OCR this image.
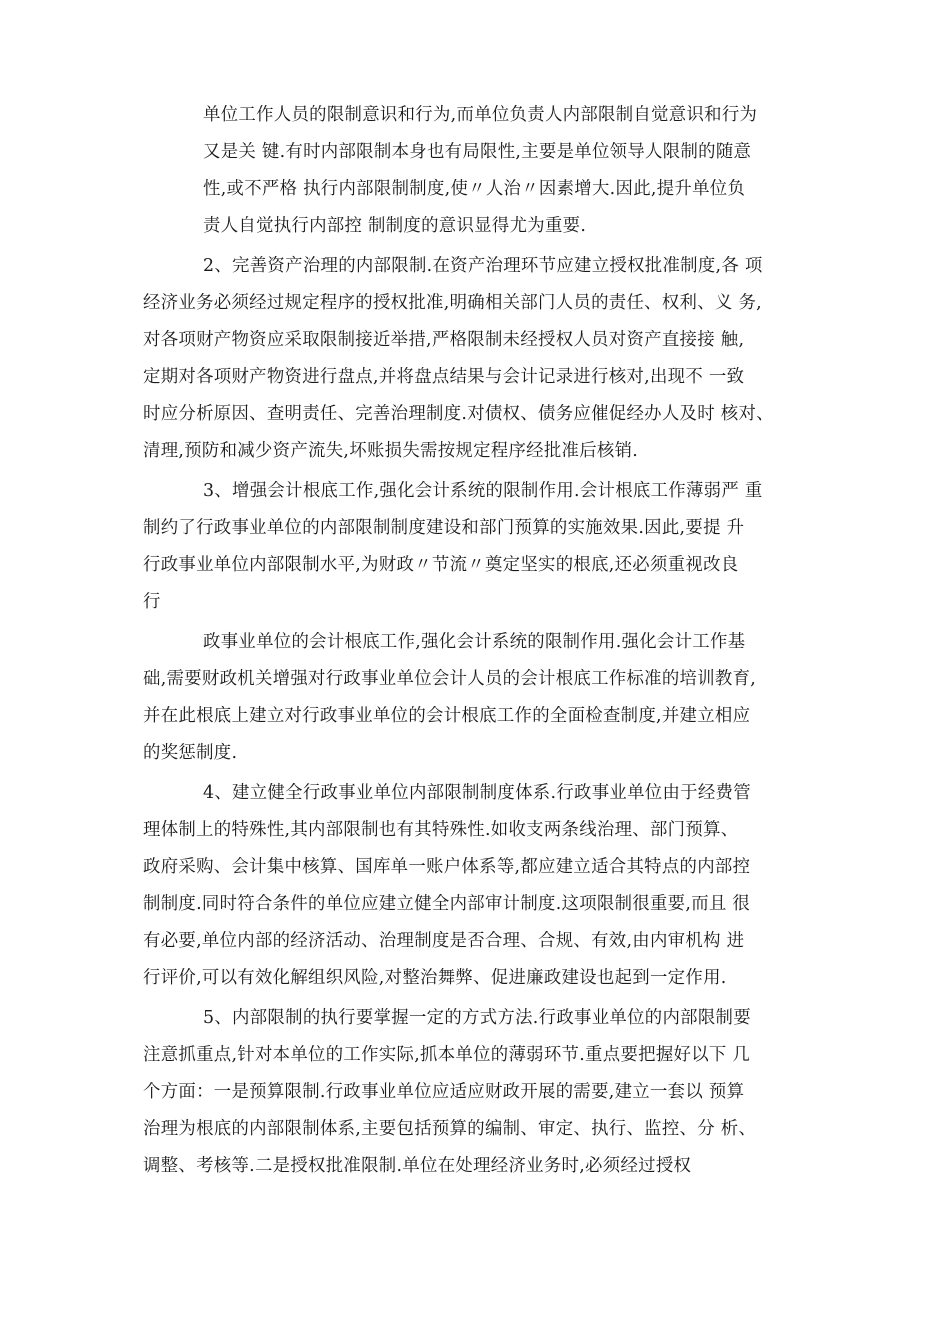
单位工作人员的限制意识和行为,而单位负责人内部限制自觉意识和行为
又是关 键.有时内部限制本身也有局限性,主要是单位领导人限制的随意
性,或不严格 执行内部限制制度,使〃人治〃因素增大.因此,提升单位负
责人自觉执行内部控 制制度的意识显得尤为重要.
2、完善资产治理的内部限制.在资产治理环节应建立授权批准制度,各 项
经济业务必须经过规定程序的授权批准,明确相关部门人员的责任、权利、义 务,
对各项财产物资应采取限制接近举措,严格限制未经授权人员对资产直接接 触,
定期对各项财产物资进行盘点,并将盘点结果与会计记录进行核对,出现不 一致
时应分析原因、查明责任、完善治理制度.对债权、债务应催促经办人及时 核对、
清理,预防和减少资产流失,坏账损失需按规定程序经批准后核销.
3、增强会计根底工作,强化会计系统的限制作用.会计根底工作薄弱严 重
制约了行政事业单位的内部限制制度建设和部门预算的实施效果.因此,要提 升
行政事业单位内部限制水平,为财政〃节流〃奠定坚实的根底,还必须重视改良
行
政事业单位的会计根底工作,强化会计系统的限制作用.强化会计工作基
础,需要财政机关增强对行政事业单位会计人员的会计根底工作标准的培训教育,
并在此根底上建立对行政事业单位的会计根底工作的全面检查制度,并建立相应
的奖惩制度.
4、建立健全行政事业单位内部限制制度体系.行政事业单位由于经费管
理体制上的特殊性,其内部限制也有其特殊性.如收支两条线治理、部门预算、
政府采购、会计集中核算、国库单一账户体系等,都应建立适合其特点的内部控
制制度.同时符合条件的单位应建立健全内部审计制度.这项限制很重要,而且 很
有必要,单位内部的经济活动、治理制度是否合理、合规、有效,由内审机构 进
行评价,可以有效化解组织风险,对整治舞弊、促进廉政建设也起到一定作用.
5、内部限制的执行要掌握一定的方式方法.行政事业单位的内部限制要
注意抓重点,针对本单位的工作实际,抓本单位的薄弱环节.重点要把握好以下 几
个方面：一是预算限制.行政事业单位应适应财政开展的需要,建立一套以 预算
治理为根底的内部限制体系,主要包括预算的编制、审定、执行、监控、分 析、
调整、考核等.二是授权批准限制.单位在处理经济业务时,必须经过授权
